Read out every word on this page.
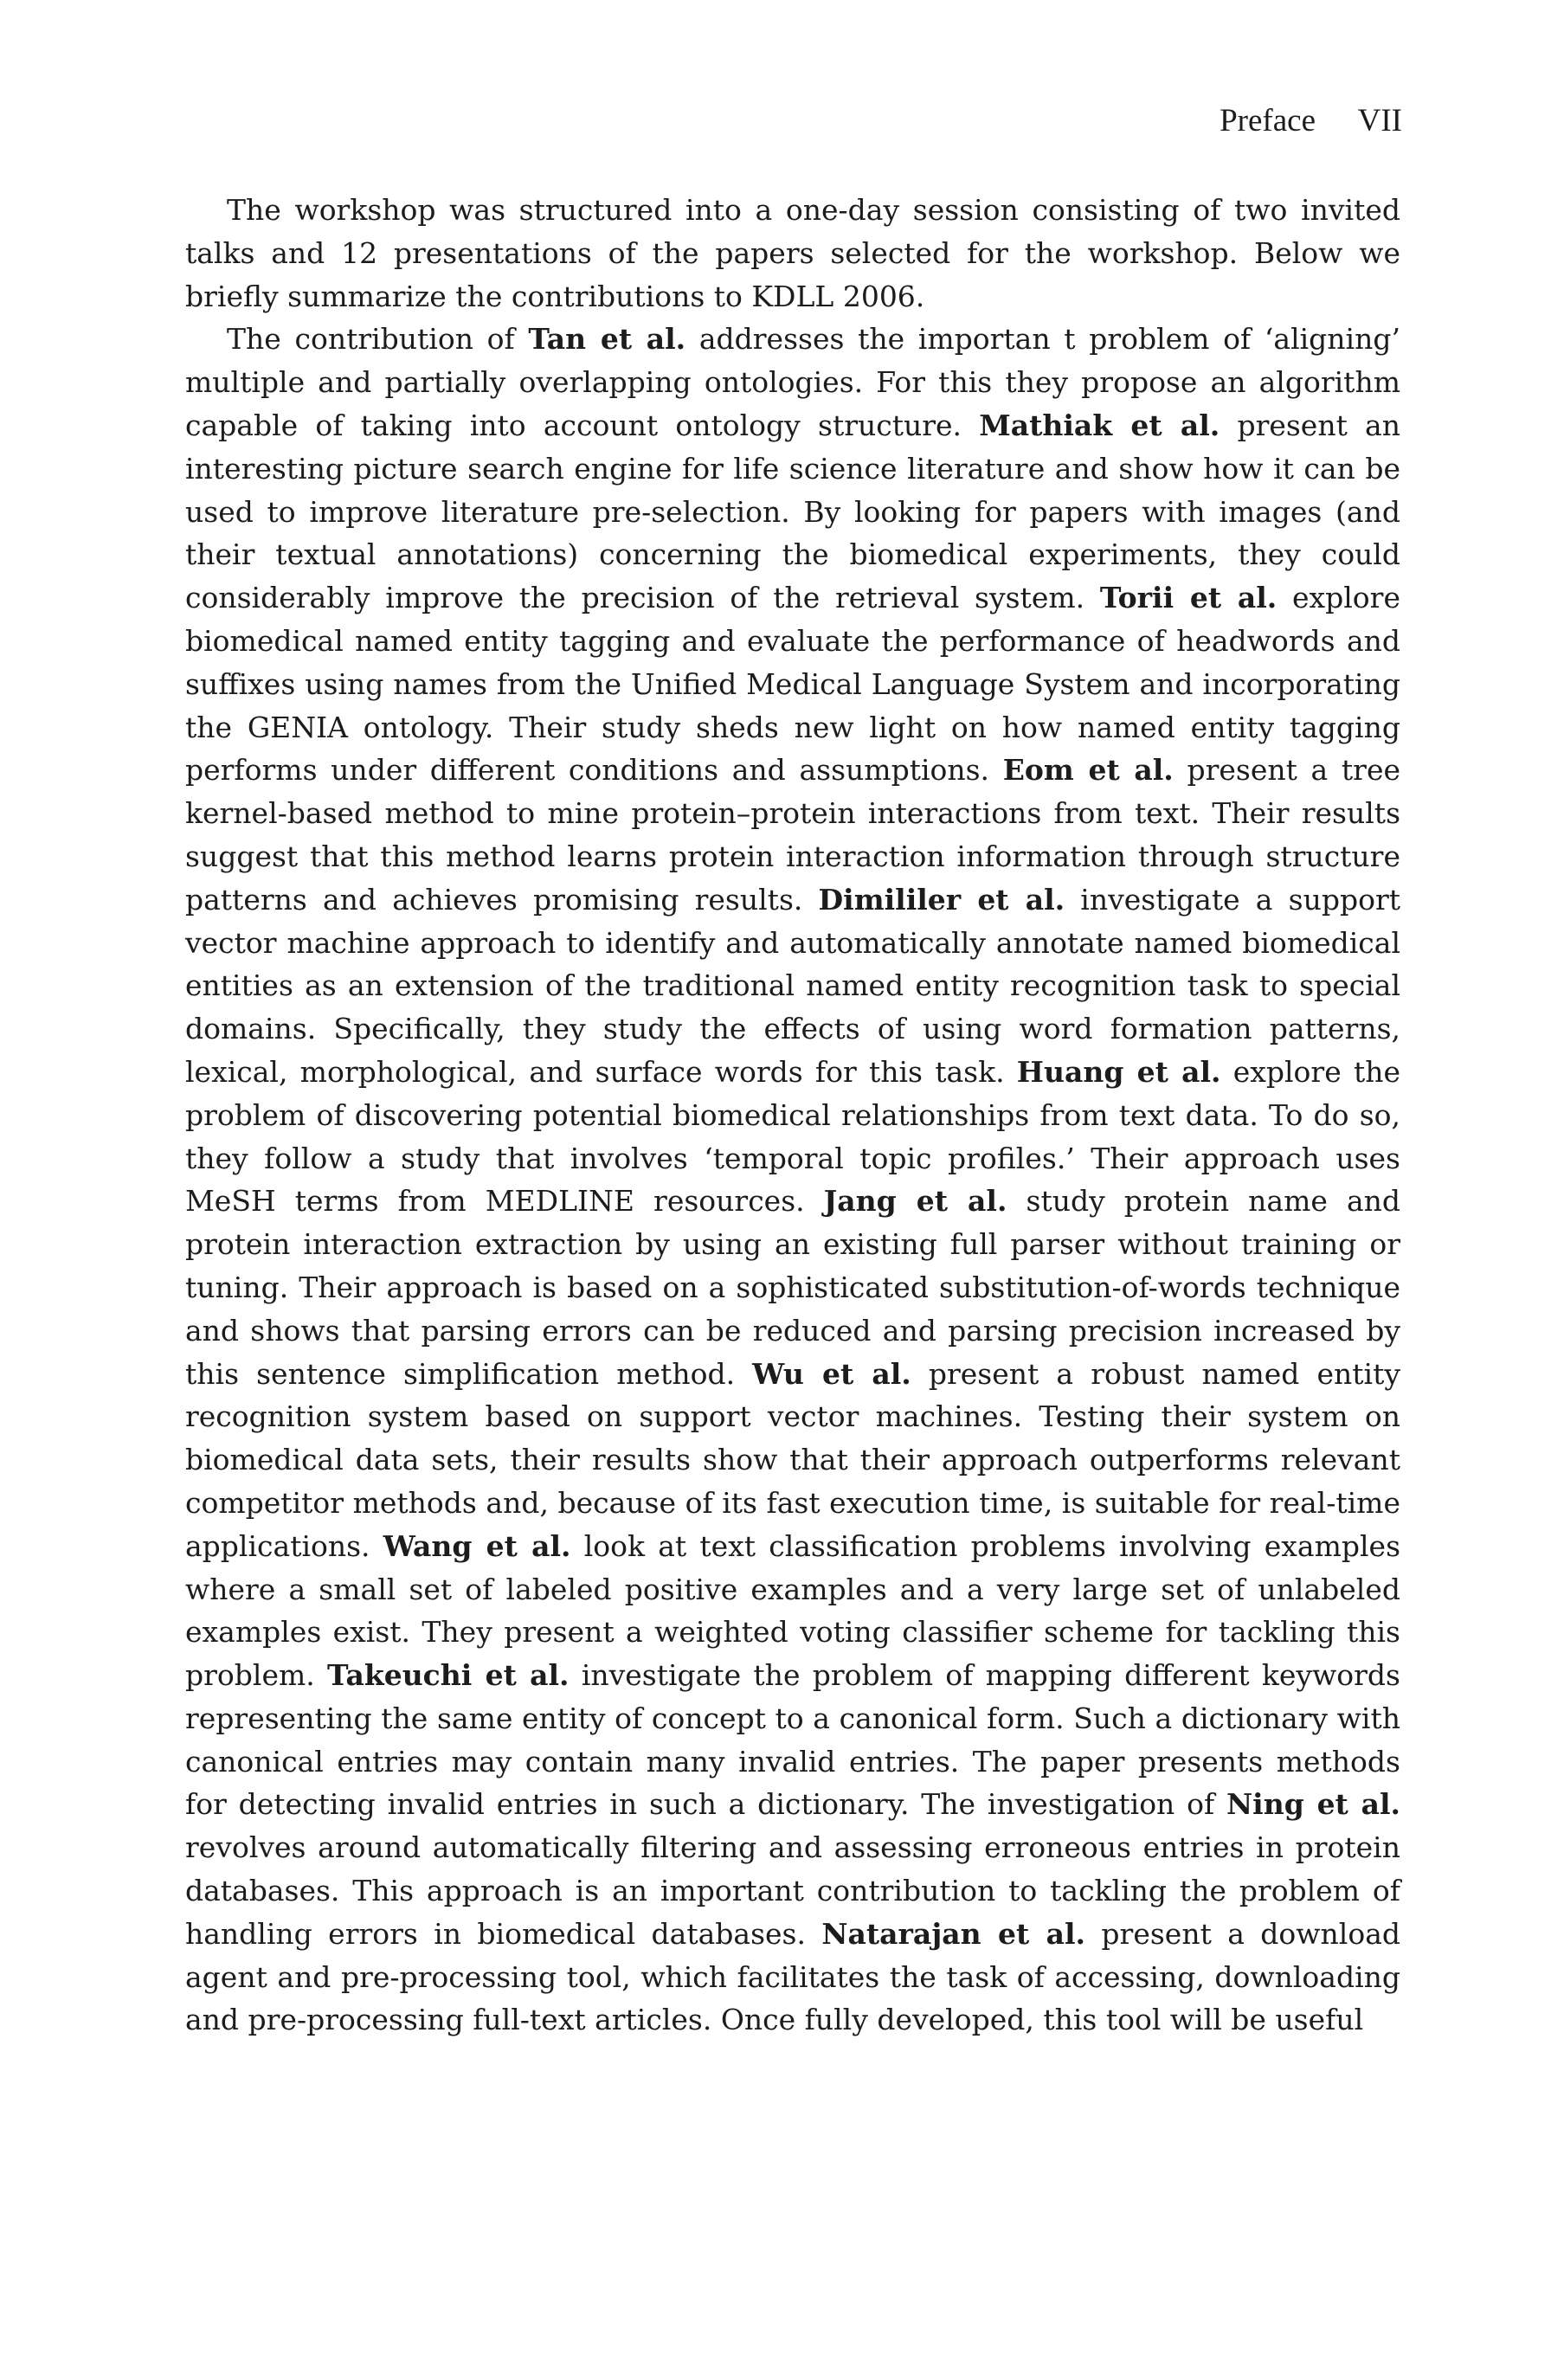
Preface VII

The workshop was structured into a one-day session consisting of two invited talks and 12 presentations of the papers selected for the workshop. Below we briefly summarize the contributions to KDLL 2006.

The contribution of Tan et al. addresses the importan t problem of ‘aligning’ multiple and partially overlapping ontologies. For this they propose an algorithm capable of taking into account ontology structure. Mathiak et al. present an interesting picture search engine for life science literature and show how it can be used to improve literature pre-selection. By looking for papers with images (and their textual annotations) concerning the biomedical experiments, they could considerably improve the precision of the retrieval system. Torii et al. explore biomedical named entity tagging and evaluate the performance of headwords and suffixes using names from the Unified Medical Language System and incorporating the GENIA ontology. Their study sheds new light on how named entity tagging performs under different conditions and assumptions. Eom et al. present a tree kernel-based method to mine protein–protein interactions from text. Their results suggest that this method learns protein interaction information through structure patterns and achieves promising results. Dimililer et al. investigate a support vector machine approach to identify and automatically annotate named biomedical entities as an extension of the traditional named entity recognition task to special domains. Specifically, they study the effects of using word formation patterns, lexical, morphological, and surface words for this task. Huang et al. explore the problem of discovering potential biomedical relationships from text data. To do so, they follow a study that involves ‘temporal topic profiles.’ Their approach uses MeSH terms from MEDLINE resources. Jang et al. study protein name and protein interaction extraction by using an existing full parser without training or tuning. Their approach is based on a sophisticated substitution-of-words technique and shows that parsing errors can be reduced and parsing precision increased by this sentence simplification method. Wu et al. present a robust named entity recognition system based on support vector machines. Testing their system on biomedical data sets, their results show that their approach outperforms relevant competitor methods and, because of its fast execution time, is suitable for real-time applications. Wang et al. look at text classification problems involving examples where a small set of labeled positive examples and a very large set of unlabeled examples exist. They present a weighted voting classifier scheme for tackling this problem. Takeuchi et al. investigate the problem of mapping different keywords representing the same entity of concept to a canonical form. Such a dictionary with canonical entries may contain many invalid entries. The paper presents methods for detecting invalid entries in such a dictionary. The investigation of Ning et al. revolves around automatically filtering and assessing erroneous entries in protein databases. This approach is an important contribution to tackling the problem of handling errors in biomedical databases. Natarajan et al. present a download agent and pre-processing tool, which facilitates the task of accessing, downloading and pre-processing full-text articles. Once fully developed, this tool will be useful
